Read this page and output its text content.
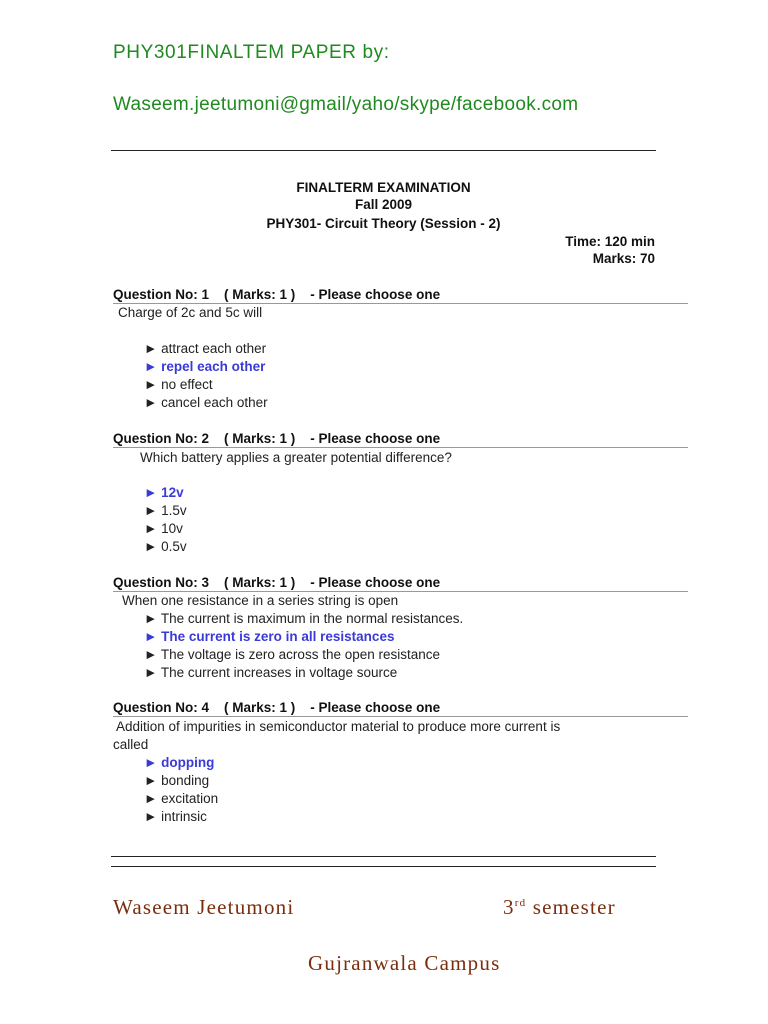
PHY301FINALTEM PAPER by:
Waseem.jeetumoni@gmail/yaho/skype/facebook.com
FINALTERM EXAMINATION
Fall 2009
PHY301- Circuit Theory (Session - 2)
Time: 120 min
Marks: 70
Question No: 1    ( Marks: 1 )    - Please choose one
Charge of 2c and 5c will
► attract each other
► repel each other
► no effect
► cancel each other
Question No: 2    ( Marks: 1 )    - Please choose one
Which battery applies a greater potential difference?
► 12v
► 1.5v
► 10v
► 0.5v
Question No: 3    ( Marks: 1 )    - Please choose one
When one resistance in a series string is open
► The current is maximum in the normal resistances.
► The current is zero in all resistances
► The voltage is zero across the open resistance
► The current increases in voltage source
Question No: 4    ( Marks: 1 )    - Please choose one
Addition of impurities in semiconductor material to produce more current is
called
► dopping
► bonding
► excitation
► intrinsic
Waseem Jeetumoni	3rd semester
Gujranwala Campus
